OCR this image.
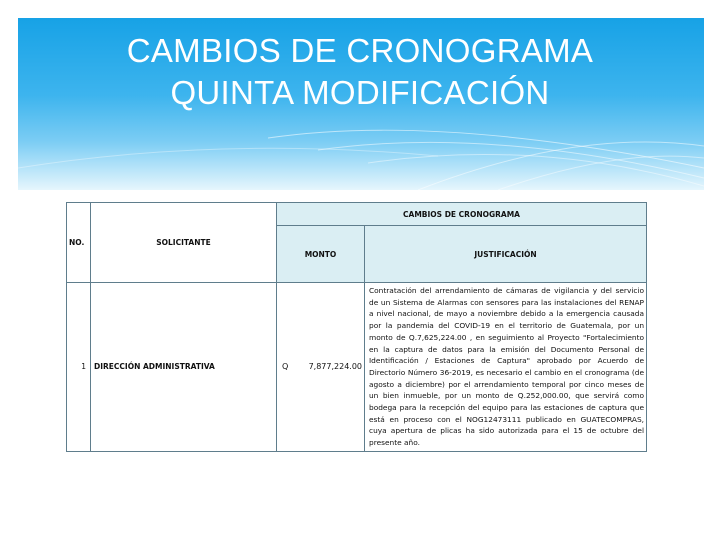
CAMBIOS DE CRONOGRAMA
QUINTA MODIFICACIÓN
NO.	SOLICITANTE	CAMBIOS DE CRONOGRAMA	
		MONTO	JUSTIFICACIÓN
1	DIRECCIÓN ADMINISTRATIVA	Q 7,877,224.00	Contratación del arrendamiento de cámaras de vigilancia y del servicio de un Sistema de Alarmas con sensores para las instalaciones del RENAP a nivel nacional, de mayo a noviembre debido a la emergencia causada por la pandemia del COVID-19 en el territorio de Guatemala, por un monto de Q.7,625,224.00 , en seguimiento al Proyecto "Fortalecimiento en la captura de datos para la emisión del Documento Personal de Identificación / Estaciones de Captura" aprobado por Acuerdo de Directorio Número 36-2019, es necesario el cambio en el cronograma (de agosto a diciembre) por el arrendamiento temporal por cinco meses de un bien inmueble, por un monto de Q.252,000.00, que servirá como bodega para la recepción del equipo para las estaciones de captura que está en proceso con el NOG12473111 publicado en GUATECOMPRAS, cuya apertura de plicas ha sido autorizada para el 15 de octubre del presente año.
